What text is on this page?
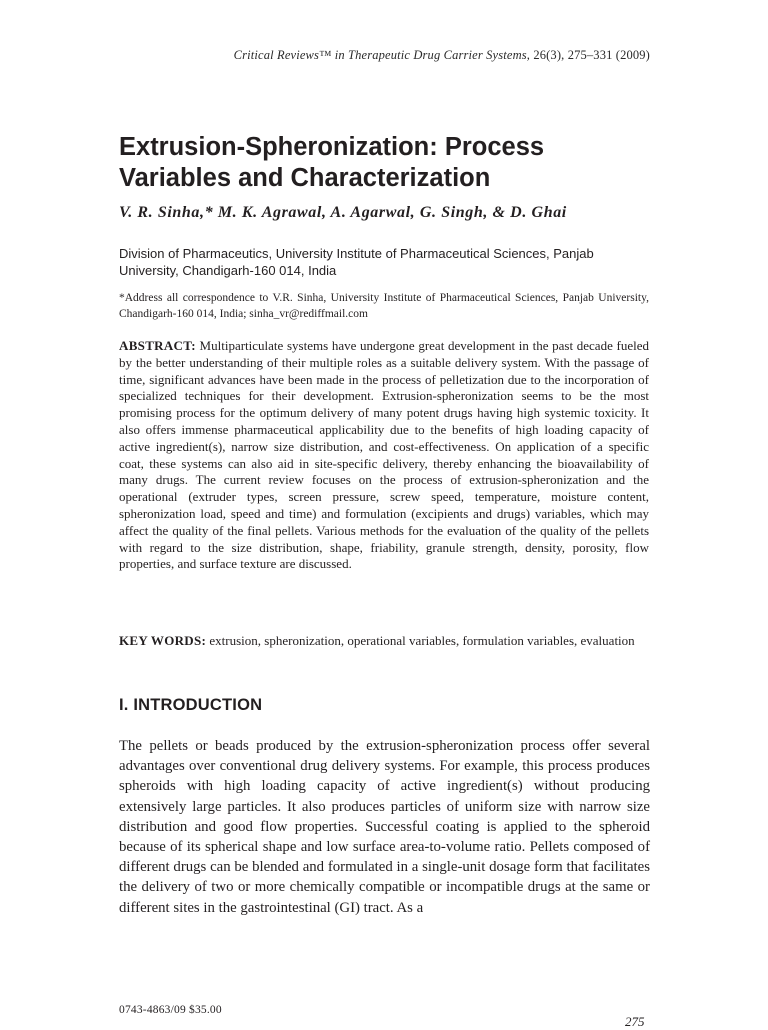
Critical Reviews™ in Therapeutic Drug Carrier Systems, 26(3), 275–331 (2009)
Extrusion-Spheronization: Process Variables and Characterization
V. R. Sinha,* M. K. Agrawal, A. Agarwal, G. Singh, & D. Ghai
Division of Pharmaceutics, University Institute of Pharmaceutical Sciences, Panjab University, Chandigarh-160 014, India
*Address all correspondence to V.R. Sinha, University Institute of Pharmaceutical Sciences, Panjab University, Chandigarh-160 014, India; sinha_vr@rediffmail.com
ABSTRACT: Multiparticulate systems have undergone great development in the past decade fueled by the better understanding of their multiple roles as a suitable delivery system. With the passage of time, significant advances have been made in the process of pelletization due to the incorporation of specialized techniques for their development. Extrusion-spheronization seems to be the most promising process for the optimum delivery of many potent drugs having high systemic toxicity. It also offers immense pharmaceutical applicability due to the benefits of high loading capacity of active ingredient(s), narrow size distribution, and cost-effectiveness. On application of a specific coat, these systems can also aid in site-specific delivery, thereby enhancing the bioavailability of many drugs. The current review focuses on the process of extrusion-spheronization and the operational (extruder types, screen pressure, screw speed, temperature, moisture content, spheronization load, speed and time) and formulation (excipients and drugs) variables, which may affect the quality of the final pellets. Various methods for the evaluation of the quality of the pellets with regard to the size distribution, shape, friability, granule strength, density, porosity, flow properties, and surface texture are discussed.
KEY WORDS: extrusion, spheronization, operational variables, formulation variables, evaluation
I. INTRODUCTION
The pellets or beads produced by the extrusion-spheronization process offer several advantages over conventional drug delivery systems. For example, this process produces spheroids with high loading capacity of active ingredient(s) without producing extensively large particles. It also produces particles of uniform size with narrow size distribution and good flow properties. Successful coating is applied to the spheroid because of its spherical shape and low surface area-to-volume ratio. Pellets composed of different drugs can be blended and formulated in a single-unit dosage form that facilitates the delivery of two or more chemically compatible or incompatible drugs at the same or different sites in the gastrointestinal (GI) tract. As a
0743-4863/09 $35.00
275
